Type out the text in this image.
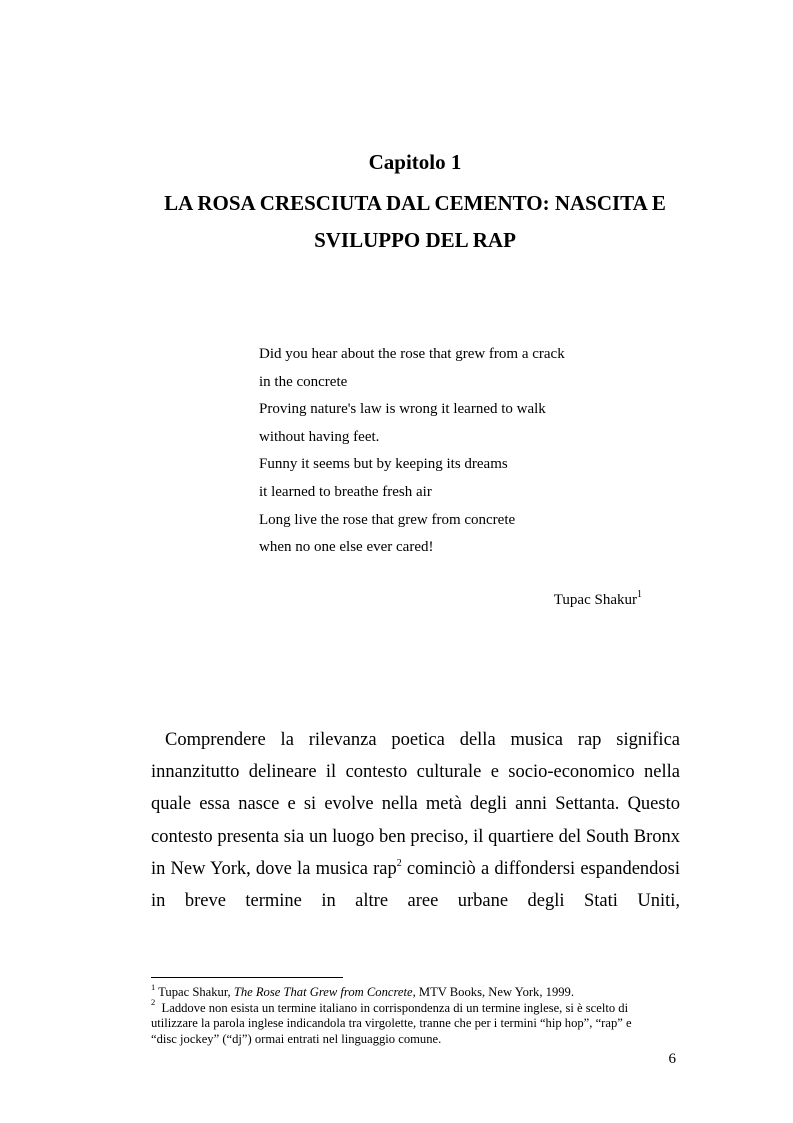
Capitolo 1

LA ROSA CRESCIUTA DAL CEMENTO: NASCITA E
SVILUPPO DEL RAP

Did you hear about the rose that grew from a crack
in the concrete
Proving nature's law is wrong it learned to walk
without having feet.
Funny it seems but by keeping its dreams
it learned to breathe fresh air
Long live the rose that grew from concrete
when no one else ever cared!
Tupac Shakur$^1$

Comprendere la rilevanza poetica della musica rap significa innanzitutto delineare il contesto culturale e socio-economico nella quale essa nasce e si evolve nella metà degli anni Settanta. Questo contesto presenta sia un luogo ben preciso, il quartiere del South Bronx in New York, dove la musica rap$^2$ cominciò a diffondersi espandendosi in breve termine in altre aree urbane degli Stati Uniti,

$^1$ Tupac Shakur, The Rose That Grew from Concrete, MTV Books, New York, 1999.

$^2$ Laddove non esista un termine italiano in corrispondenza di un termine inglese, si è scelto di
utilizzare la parola inglese indicandola tra virgolette, tranne che per i termini “hip hop”, “rap” e
“disc jockey” (“dj”) ormai entrati nel linguaggio comune.

6
